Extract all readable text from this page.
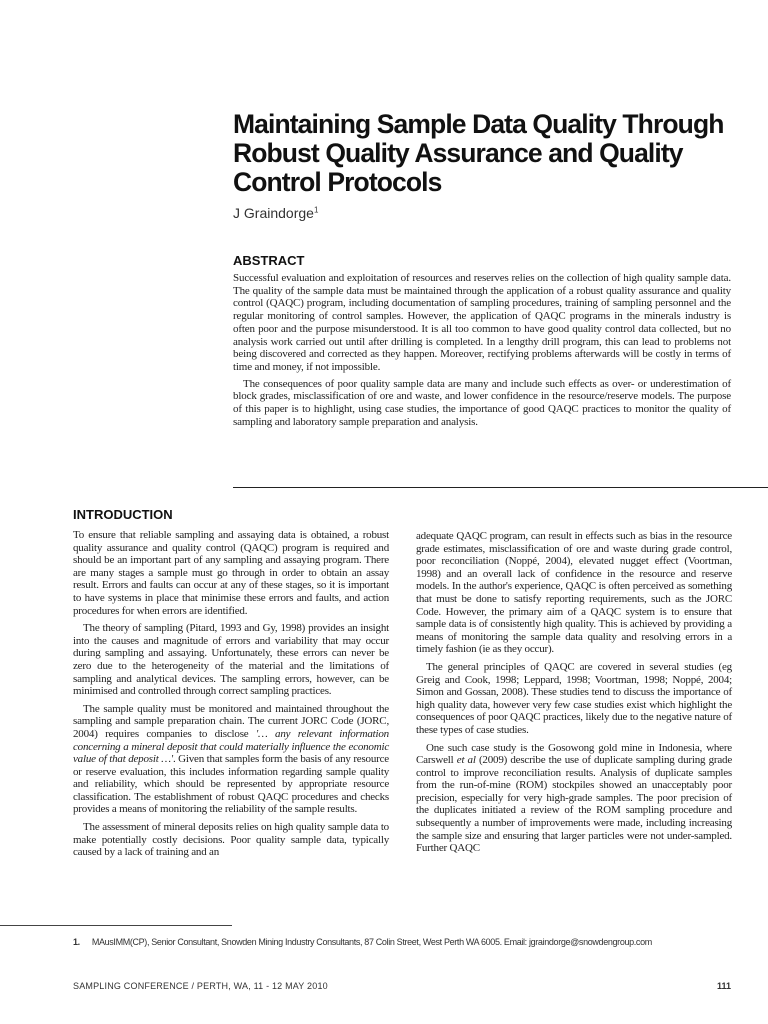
Maintaining Sample Data Quality Through Robust Quality Assurance and Quality Control Protocols
J Graindorge$^1$
ABSTRACT

Successful evaluation and exploitation of resources and reserves relies on the collection of high quality sample data. The quality of the sample data must be maintained through the application of a robust quality assurance and quality control (QAQC) program, including documentation of sampling procedures, training of sampling personnel and the regular monitoring of control samples. However, the application of QAQC programs in the minerals industry is often poor and the purpose misunderstood. It is all too common to have good quality control data collected, but no analysis work carried out until after drilling is completed. In a lengthy drill program, this can lead to problems not being discovered and corrected as they happen. Moreover, rectifying problems afterwards will be costly in terms of time and money, if not impossible.

The consequences of poor quality sample data are many and include such effects as over- or underestimation of block grades, misclassification of ore and waste, and lower confidence in the resource/reserve models. The purpose of this paper is to highlight, using case studies, the importance of good QAQC practices to monitor the quality of sampling and laboratory sample preparation and analysis.

INTRODUCTION

To ensure that reliable sampling and assaying data is obtained, a robust quality assurance and quality control (QAQC) program is required and should be an important part of any sampling and assaying program. There are many stages a sample must go through in order to obtain an assay result. Errors and faults can occur at any of these stages, so it is important to have systems in place that minimise these errors and faults, and action procedures for when errors are identified.

The theory of sampling (Pitard, 1993 and Gy, 1998) provides an insight into the causes and magnitude of errors and variability that may occur during sampling and assaying. Unfortunately, these errors can never be zero due to the heterogeneity of the material and the limitations of sampling and analytical devices. The sampling errors, however, can be minimised and controlled through correct sampling practices.

The sample quality must be monitored and maintained throughout the sampling and sample preparation chain. The current JORC Code (JORC, 2004) requires companies to disclose '… any relevant information concerning a mineral deposit that could materially influence the economic value of that deposit …'. Given that samples form the basis of any resource or reserve evaluation, this includes information regarding sample quality and reliability, which should be represented by appropriate resource classification. The establishment of robust QAQC procedures and checks provides a means of monitoring the reliability of the sample results.

The assessment of mineral deposits relies on high quality sample data to make potentially costly decisions. Poor quality sample data, typically caused by a lack of training and an

adequate QAQC program, can result in effects such as bias in the resource grade estimates, misclassification of ore and waste during grade control, poor reconciliation (Noppé, 2004), elevated nugget effect (Voortman, 1998) and an overall lack of confidence in the resource and reserve models. In the author's experience, QAQC is often perceived as something that must be done to satisfy reporting requirements, such as the JORC Code. However, the primary aim of a QAQC system is to ensure that sample data is of consistently high quality. This is achieved by providing a means of monitoring the sample data quality and resolving errors in a timely fashion (ie as they occur).

The general principles of QAQC are covered in several studies (eg Greig and Cook, 1998; Leppard, 1998; Voortman, 1998; Noppé, 2004; Simon and Gossan, 2008). These studies tend to discuss the importance of high quality data, however very few case studies exist which highlight the consequences of poor QAQC practices, likely due to the negative nature of these types of case studies.

One such case study is the Gosowong gold mine in Indonesia, where Carswell et al (2009) describe the use of duplicate sampling during grade control to improve reconciliation results. Analysis of duplicate samples from the run-of-mine (ROM) stockpiles showed an unacceptably poor precision, especially for very high-grade samples. The poor precision of the duplicates initiated a review of the ROM sampling procedure and subsequently a number of improvements were made, including increasing the sample size and ensuring that larger particles were not under-sampled. Further QAQC

1. MAusIMM(CP), Senior Consultant, Snowden Mining Industry Consultants, 87 Colin Street, West Perth WA 6005. Email: jgraindorge@snowdengroup.com
SAMPLING CONFERENCE / PERTH, WA, 11 - 12 MAY 2010	111
